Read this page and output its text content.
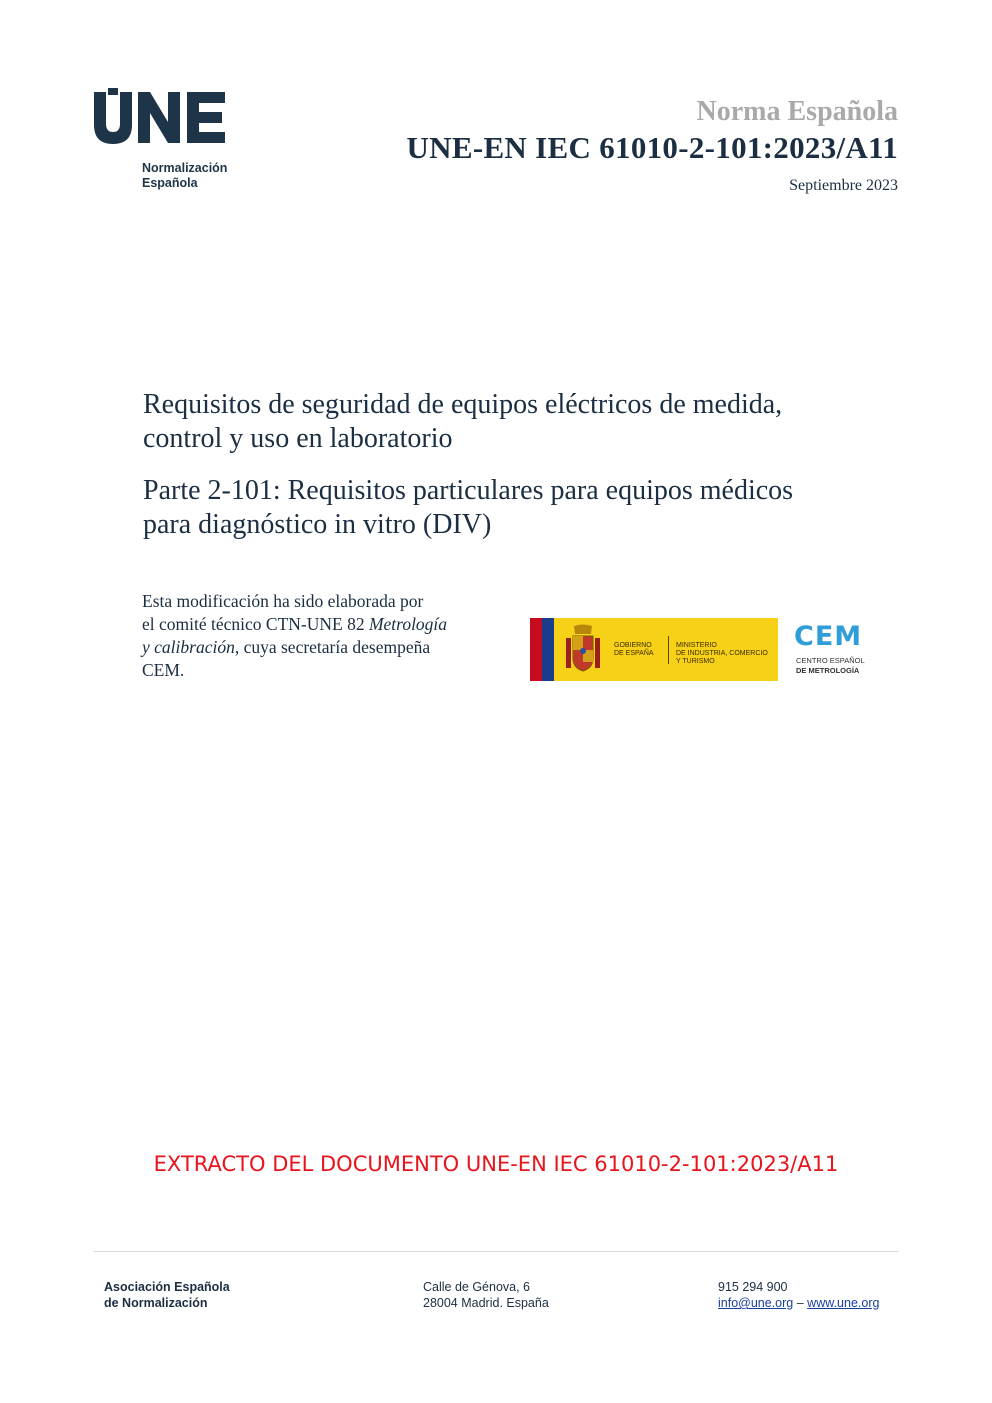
Normalización
Española
Norma Española
UNE-EN IEC 61010-2-101:2023/A11
Septiembre 2023
Requisitos de seguridad de equipos eléctricos de medida,
control y uso en laboratorio
Parte 2-101: Requisitos particulares para equipos médicos
para diagnóstico in vitro (DIV)
Esta modificación ha sido elaborada por
el comité técnico CTN-UNE 82 Metrología
y calibración, cuya secretaría desempeña
CEM.
★
★
★
GOBIERNO
DE ESPAÑA
MINISTERIO
DE INDUSTRIA, COMERCIO
Y TURISMO
CEM
CENTRO ESPAÑOL
DE METROLOGÍA
EXTRACTO DEL DOCUMENTO UNE-EN IEC 61010-2-101:2023/A11
Asociación Española
de Normalización
Calle de Génova, 6
28004 Madrid. España
915 294 900
info@une.org – www.une.org
